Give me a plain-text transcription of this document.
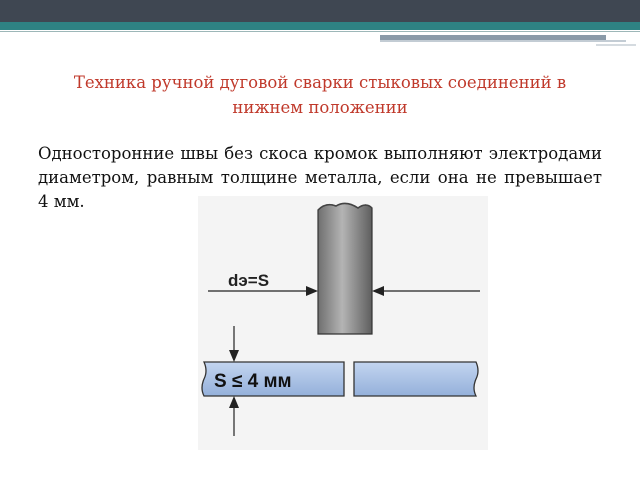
Техника ручной дуговой сварки стыковых соединений в нижнем положении
Односторонние швы без скоса кромок выполняют электродами диаметром, равным толщине металла, если она не превышает 4 мм.
dэ=S
S ≤ 4 мм
